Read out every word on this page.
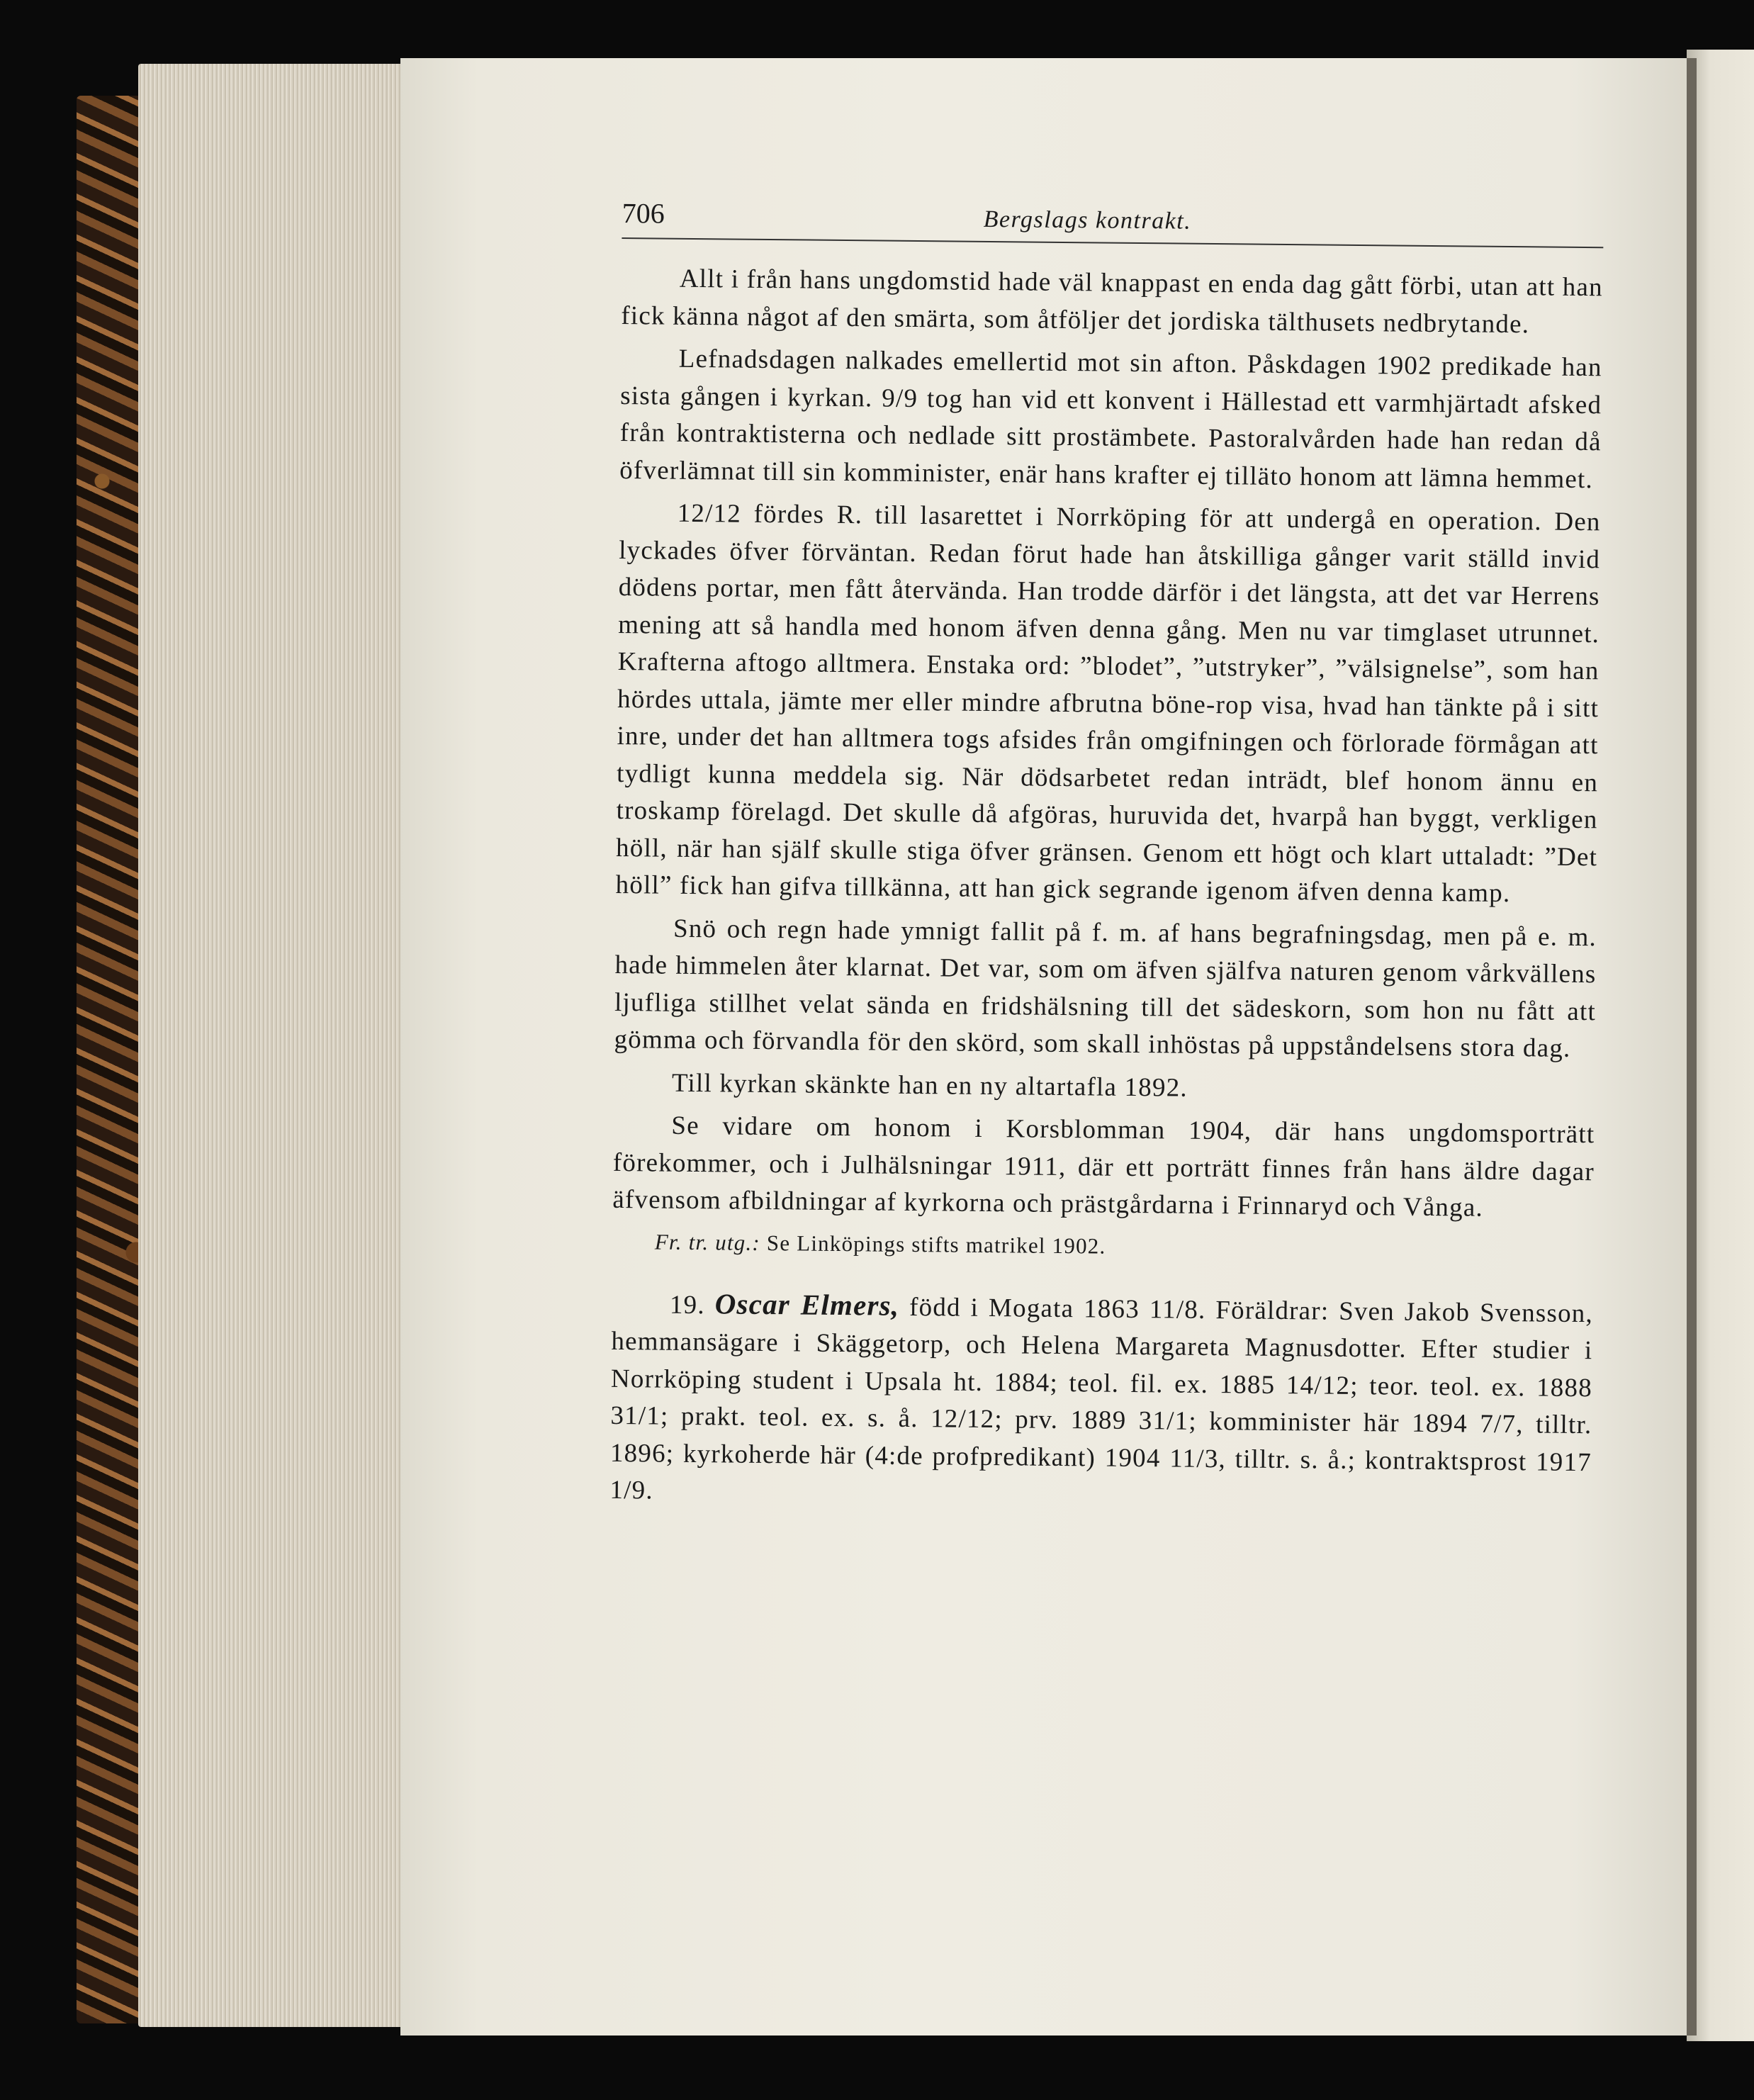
706	Bergslags kontrakt.

Allt i från hans ungdomstid hade väl knappast en enda dag gått förbi, utan att han fick känna något af den smärta, som åtföljer det jordiska tälthusets nedbrytande.

Lefnadsdagen nalkades emellertid mot sin afton. Påskdagen 1902 predikade han sista gången i kyrkan. 9/9 tog han vid ett konvent i Hällestad ett varmhjärtadt afsked från kontraktisterna och nedlade sitt prostämbete. Pastoralvården hade han redan då öfverlämnat till sin komminister, enär hans krafter ej tilläto honom att lämna hemmet.

12/12 fördes R. till lasarettet i Norrköping för att undergå en operation. Den lyckades öfver förväntan. Redan förut hade han åtskilliga gånger varit ställd invid dödens portar, men fått återvända. Han trodde därför i det längsta, att det var Herrens mening att så handla med honom äfven denna gång. Men nu var timglaset utrunnet. Krafterna aftogo alltmera. Enstaka ord: ”blodet”, ”utstryker”, ”välsignelse”, som han hördes uttala, jämte mer eller mindre afbrutna böne-rop visa, hvad han tänkte på i sitt inre, under det han alltmera togs afsides från omgifningen och förlorade förmågan att tydligt kunna meddela sig. När dödsarbetet redan inträdt, blef honom ännu en troskamp förelagd. Det skulle då afgöras, huruvida det, hvarpå han byggt, verkligen höll, när han själf skulle stiga öfver gränsen. Genom ett högt och klart uttaladt: ”Det höll” fick han gifva tillkänna, att han gick segrande igenom äfven denna kamp.

Snö och regn hade ymnigt fallit på f. m. af hans begrafningsdag, men på e. m. hade himmelen åter klarnat. Det var, som om äfven själfva naturen genom vårkvällens ljufliga stillhet velat sända en fridshälsning till det sädeskorn, som hon nu fått att gömma och förvandla för den skörd, som skall inhöstas på uppståndelsens stora dag.

Till kyrkan skänkte han en ny altartafla 1892.

Se vidare om honom i Korsblomman 1904, där hans ungdomsporträtt förekommer, och i Julhälsningar 1911, där ett porträtt finnes från hans äldre dagar äfvensom afbildningar af kyrkorna och prästgårdarna i Frinnaryd och Vånga.

Fr. tr. utg.: Se Linköpings stifts matrikel 1902.

19. Oscar Elmers, född i Mogata 1863 11/8. Föräldrar: Sven Jakob Svensson, hemmansägare i Skäggetorp, och Helena Margareta Magnusdotter. Efter studier i Norrköping student i Upsala ht. 1884; teol. fil. ex. 1885 14/12; teor. teol. ex. 1888 31/1; prakt. teol. ex. s. å. 12/12; prv. 1889 31/1; komminister här 1894 7/7, tilltr. 1896; kyrkoherde här (4:de profpredikant) 1904 11/3, tilltr. s. å.; kontraktsprost 1917 1/9.
